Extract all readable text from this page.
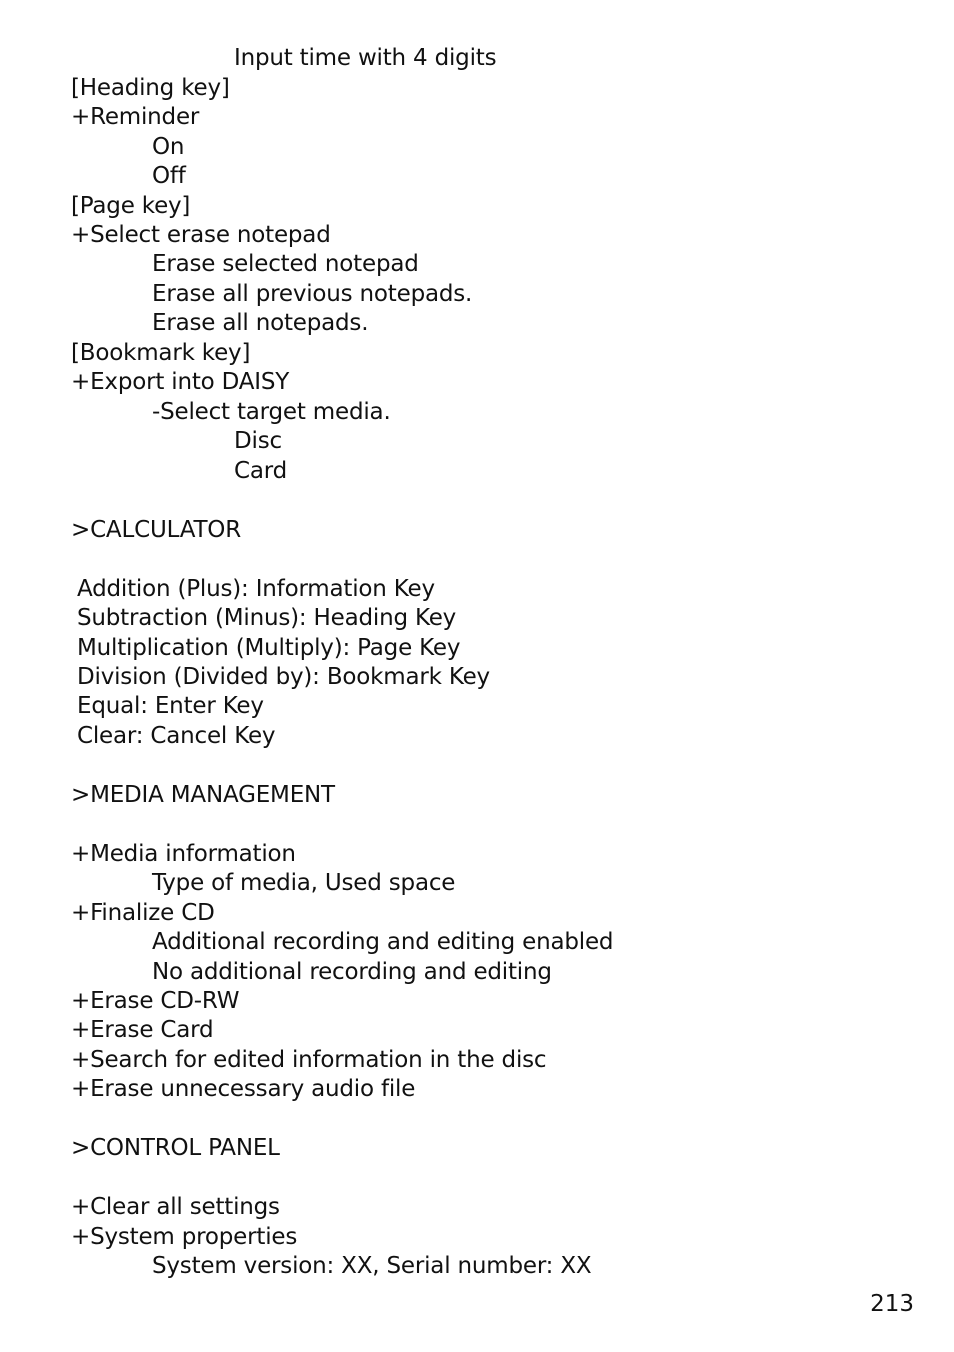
Input time with 4 digits
[Heading key]
+Reminder
On
Off
[Page key]
+Select erase notepad
Erase selected notepad
Erase all previous notepads.
Erase all notepads.
[Bookmark key]
+Export into DAISY
-Select target media.
Disc
Card
>CALCULATOR
Addition (Plus): Information Key
Subtraction (Minus): Heading Key
Multiplication (Multiply): Page Key
Division (Divided by): Bookmark Key
Equal: Enter Key
Clear: Cancel Key
>MEDIA MANAGEMENT
+Media information
Type of media, Used space
+Finalize CD
Additional recording and editing enabled
No additional recording and editing
+Erase CD-RW
+Erase Card
+Search for edited information in the disc
+Erase unnecessary audio file
>CONTROL PANEL
+Clear all settings
+System properties
System version: XX, Serial number: XX
213
